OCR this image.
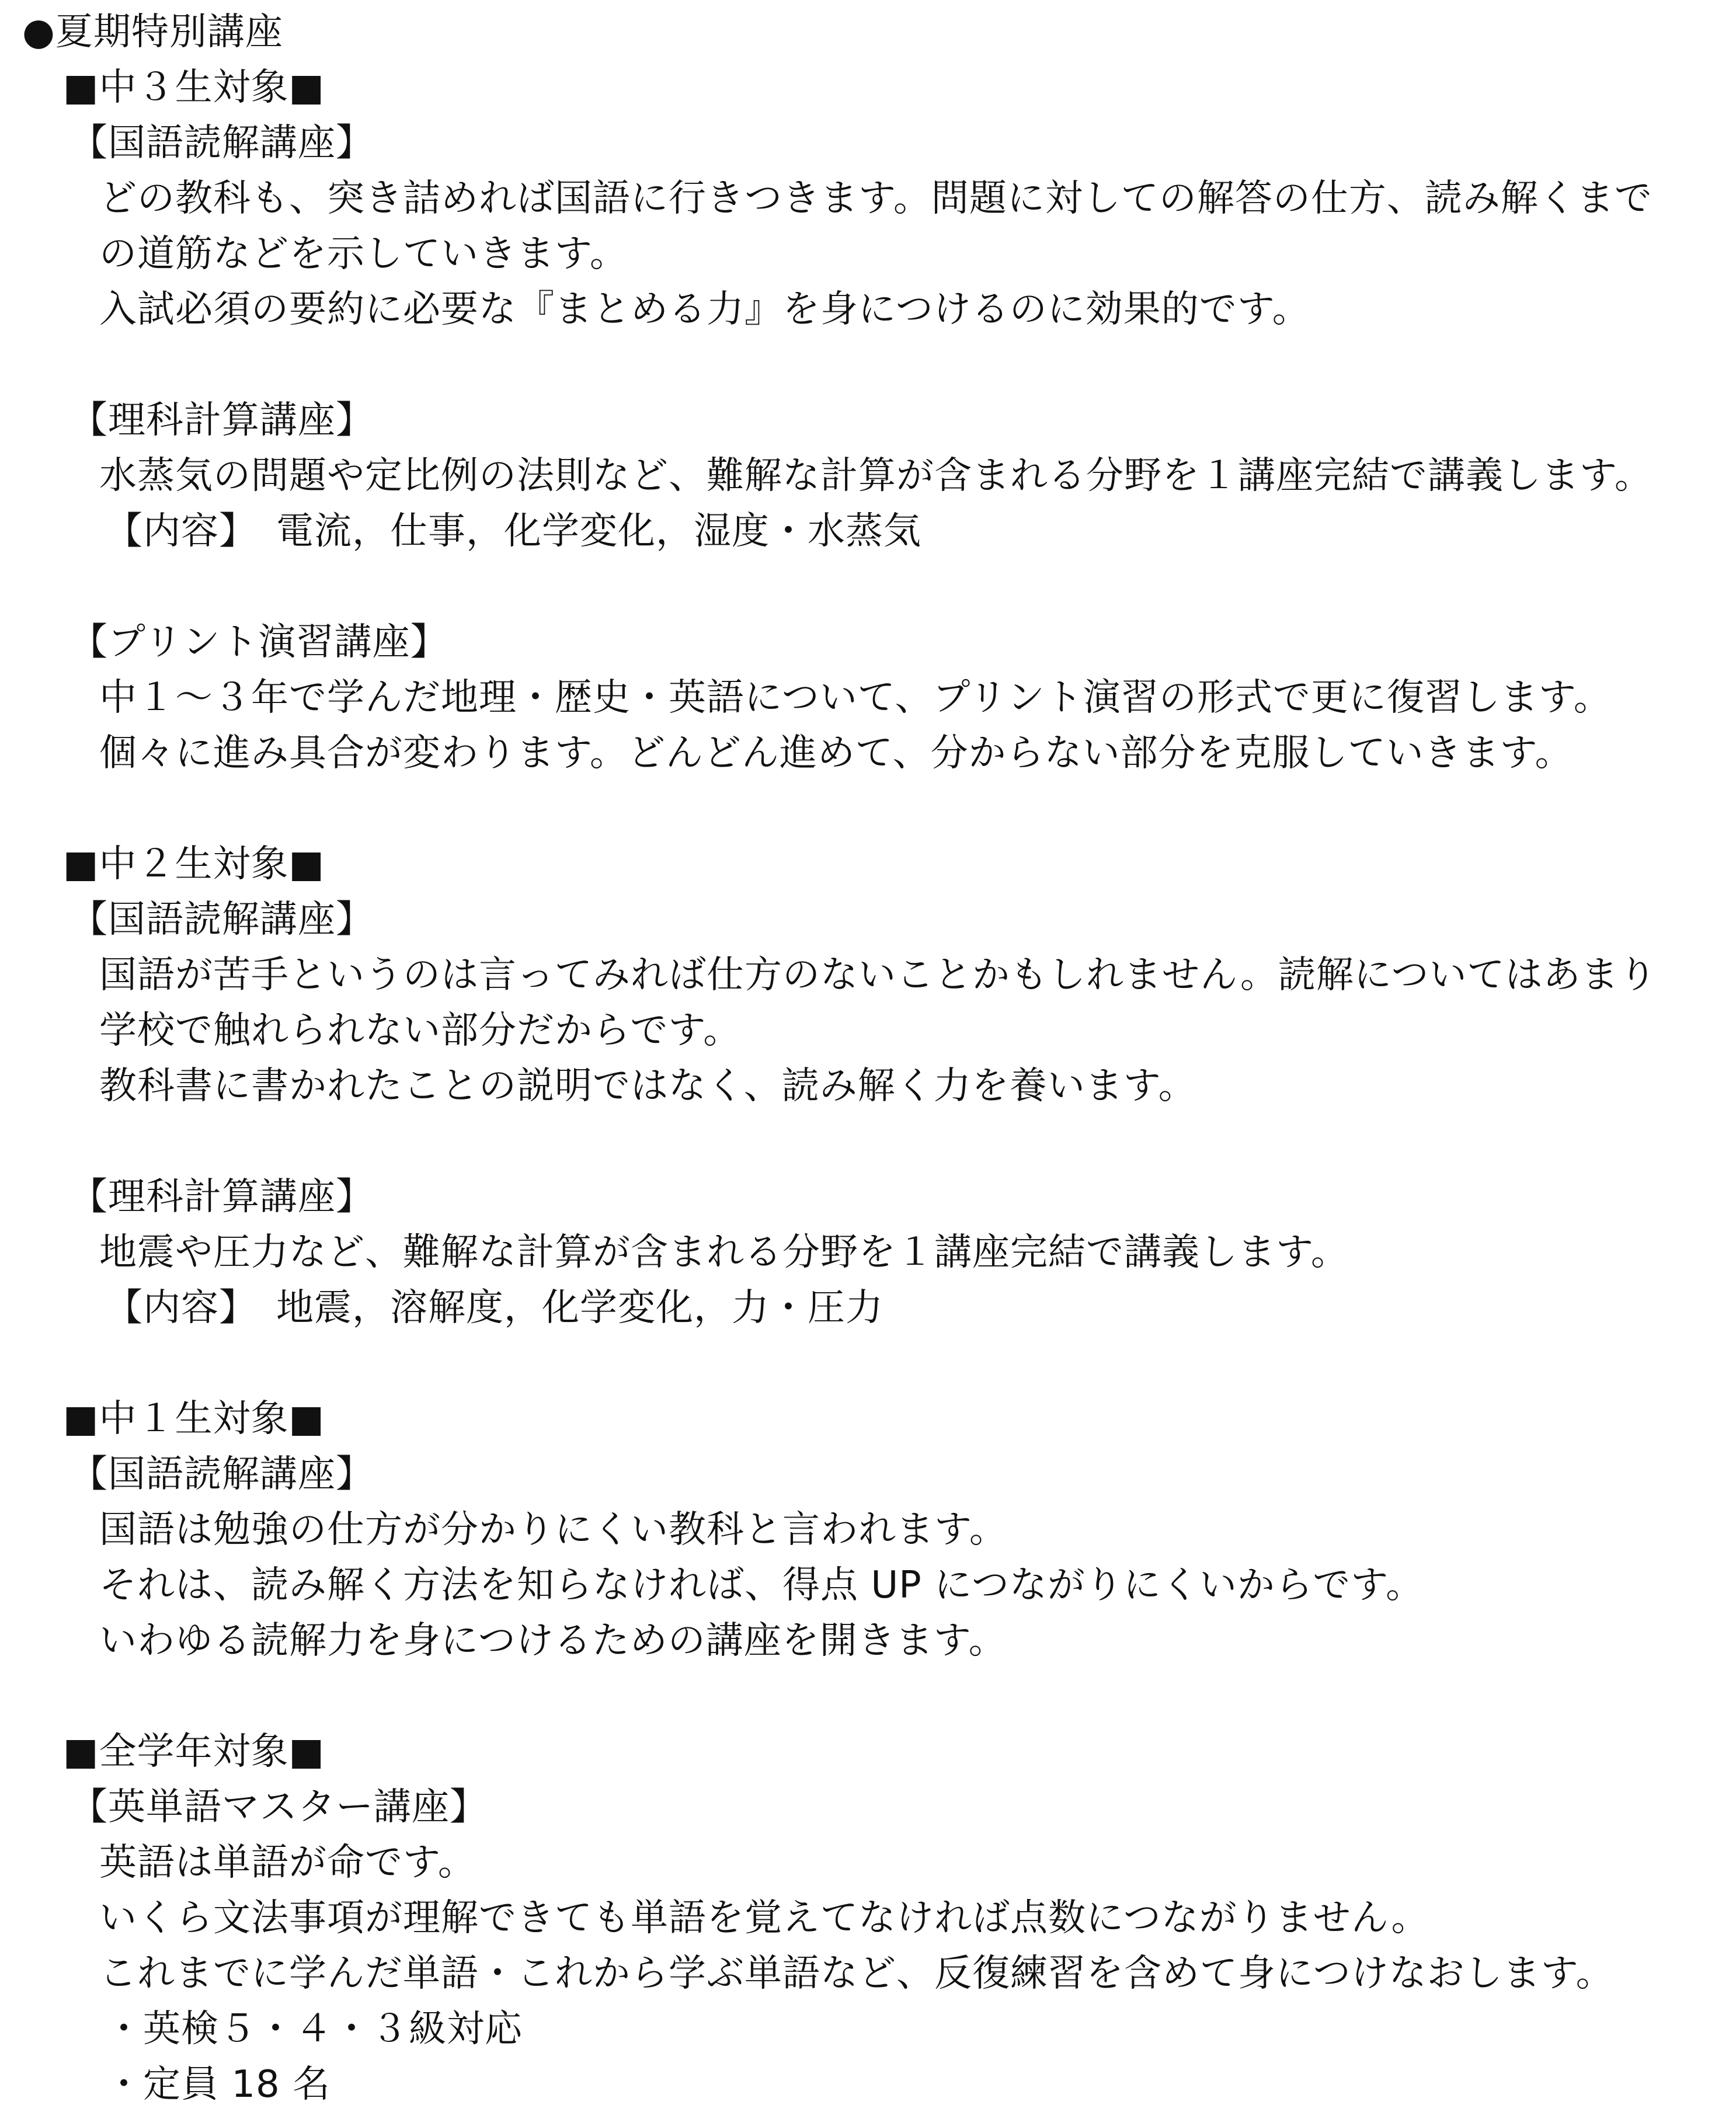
●夏期特別講座
■中３生対象■
【国語読解講座】
どの教科も、突き詰めれば国語に行きつきます。問題に対しての解答の仕方、読み解くまで
の道筋などを示していきます。
入試必須の要約に必要な『まとめる力』を身につけるのに効果的です。
【理科計算講座】
水蒸気の問題や定比例の法則など、難解な計算が含まれる分野を１講座完結で講義します。
【内容】　電流，仕事，化学変化，湿度・水蒸気
【プリント演習講座】
中１～３年で学んだ地理・歴史・英語について、プリント演習の形式で更に復習します。
個々に進み具合が変わります。どんどん進めて、分からない部分を克服していきます。
■中２生対象■
【国語読解講座】
国語が苦手というのは言ってみれば仕方のないことかもしれません。読解についてはあまり
学校で触れられない部分だからです。
教科書に書かれたことの説明ではなく、読み解く力を養います。
【理科計算講座】
地震や圧力など、難解な計算が含まれる分野を１講座完結で講義します。
【内容】　地震，溶解度，化学変化，力・圧力
■中１生対象■
【国語読解講座】
国語は勉強の仕方が分かりにくい教科と言われます。
それは、読み解く方法を知らなければ、得点 UP につながりにくいからです。
いわゆる読解力を身につけるための講座を開きます。
■全学年対象■
【英単語マスター講座】
英語は単語が命です。
いくら文法事項が理解できても単語を覚えてなければ点数につながりません。
これまでに学んだ単語・これから学ぶ単語など、反復練習を含めて身につけなおします。
・英検５・４・３級対応
・定員 18 名
